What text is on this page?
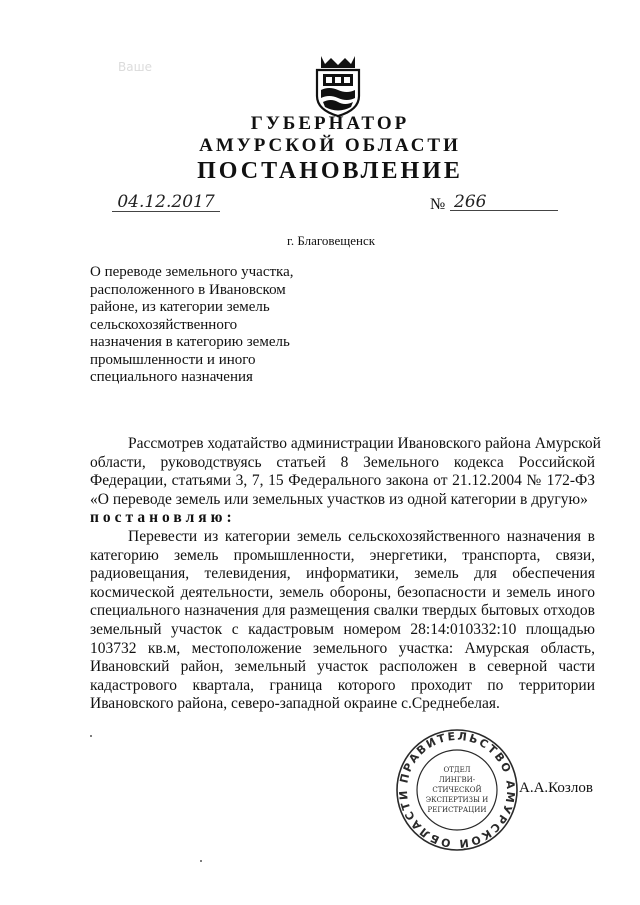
Ваше
ГУБЕРНАТОР
АМУРСКОЙ ОБЛАСТИ
ПОСТАНОВЛЕНИЕ
04.12.2017	№ 266
г. Благовещенск
О переводе земельного участка,
расположенного в Ивановском
районе, из категории земель
сельскохозяйственного
назначения в категорию земель
промышленности и иного
специального назначения
Рассмотрев ходатайство администрации Ивановского района Амурской
области, руководствуясь статьей 8 Земельного кодекса Российской
Федерации, статьями 3, 7, 15 Федерального закона от 21.12.2004 № 172-ФЗ
«О переводе земель или земельных участков из одной категории в другую»
постановляю:
Перевести из категории земель сельскохозяйственного назначения в
категорию земель промышленности, энергетики, транспорта, связи,
радиовещания, телевидения, информатики, земель для обеспечения
космической деятельности, земель обороны, безопасности и земель иного
специального назначения для размещения свалки твердых бытовых отходов
земельный участок с кадастровым номером 28:14:010332:10 площадью
103732 кв.м, местоположение земельного участка: Амурская область,
Ивановский район, земельный участок расположен в северной части
кадастрового квартала, граница которого проходит по территории
Ивановского района, северо-западной окраине с.Среднебелая.
ПРАВИТЕЛЬСТВО АМУРСКОЙ ОБЛАСТИ
ОТДЕЛ
ЛИНГВИ-
СТИЧЕСКОЙ
ЭКСПЕРТИЗЫ И
РЕГИСТРАЦИИ
А.А.Козлов
